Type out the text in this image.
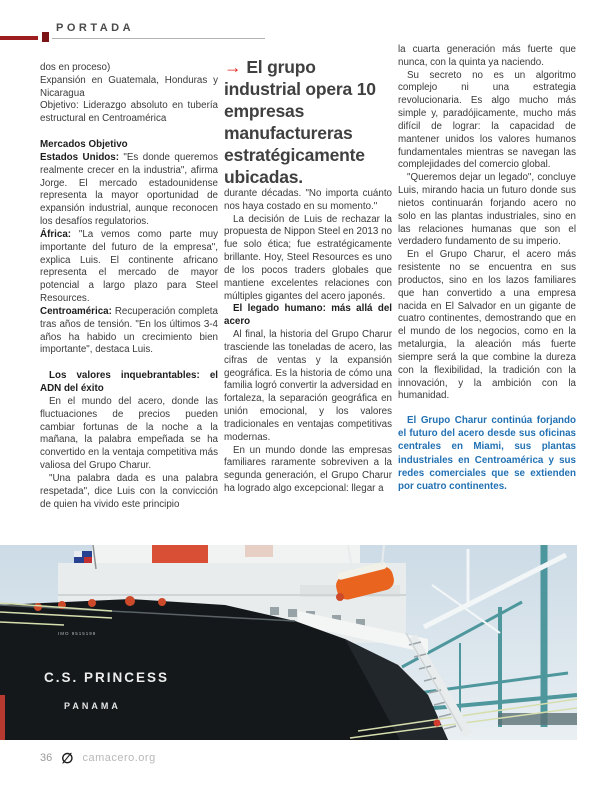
PORTADA

dos en proceso)

Expansión en Guatemala, Honduras y Nicaragua

Objetivo: Liderazgo absoluto en tubería estructural en Centroamérica

Mercados Objetivo

Estados Unidos: "Es donde queremos realmente crecer en la industria", afirma Jorge. El mercado estadounidense representa la mayor oportunidad de expansión industrial, aunque reconocen los desafíos regulatorios.

África: "La vemos como parte muy importante del futuro de la empresa", explica Luis. El continente africano representa el mercado de mayor potencial a largo plazo para Steel Resources.

Centroamérica: Recuperación completa tras años de tensión. "En los últimos 3-4 años ha habido un crecimiento bien importante", destaca Luis.

Los valores inquebrantables: el ADN del éxito

En el mundo del acero, donde las fluctuaciones de precios pueden cambiar fortunas de la noche a la mañana, la palabra empeñada se ha convertido en la ventaja competitiva más valiosa del Grupo Charur.

"Una palabra dada es una palabra respetada", dice Luis con la convicción de quien ha vivido este principio

→ El grupo industrial opera 10 empresas manufactureras estratégicamente ubicadas.

durante décadas. "No importa cuánto nos haya costado en su momento."

La decisión de Luis de rechazar la propuesta de Nippon Steel en 2013 no fue solo ética; fue estratégicamente brillante. Hoy, Steel Resources es uno de los pocos traders globales que mantiene excelentes relaciones con múltiples gigantes del acero japonés.

El legado humano: más allá del acero

Al final, la historia del Grupo Charur trasciende las toneladas de acero, las cifras de ventas y la expansión geográfica. Es la historia de cómo una familia logró convertir la adversidad en fortaleza, la separación geográfica en unión emocional, y los valores tradicionales en ventajas competitivas modernas.

En un mundo donde las empresas familiares raramente sobreviven a la segunda generación, el Grupo Charur ha logrado algo excepcional: llegar a

la cuarta generación más fuerte que nunca, con la quinta ya naciendo.

Su secreto no es un algoritmo complejo ni una estrategia revolucionaria. Es algo mucho más simple y, paradójicamente, mucho más difícil de lograr: la capacidad de mantener unidos los valores humanos fundamentales mientras se navegan las complejidades del comercio global.

"Queremos dejar un legado", concluye Luis, mirando hacia un futuro donde sus nietos continuarán forjando acero no solo en las plantas industriales, sino en las relaciones humanas que son el verdadero fundamento de su imperio.

En el Grupo Charur, el acero más resistente no se encuentra en sus productos, sino en los lazos familiares que han convertido a una empresa nacida en El Salvador en un gigante de cuatro continentes, demostrando que en el mundo de los negocios, como en la metalurgia, la aleación más fuerte siempre será la que combine la dureza con la flexibilidad, la tradición con la innovación, y la ambición con la humanidad.

El Grupo Charur continúa forjando el futuro del acero desde sus oficinas centrales en Miami, sus plantas industriales en Centroamérica y sus redes comerciales que se extienden por cuatro continentes.

IMO 9515199
C.S. PRINCESS
PANAMA
36 ∅ camacero.org
